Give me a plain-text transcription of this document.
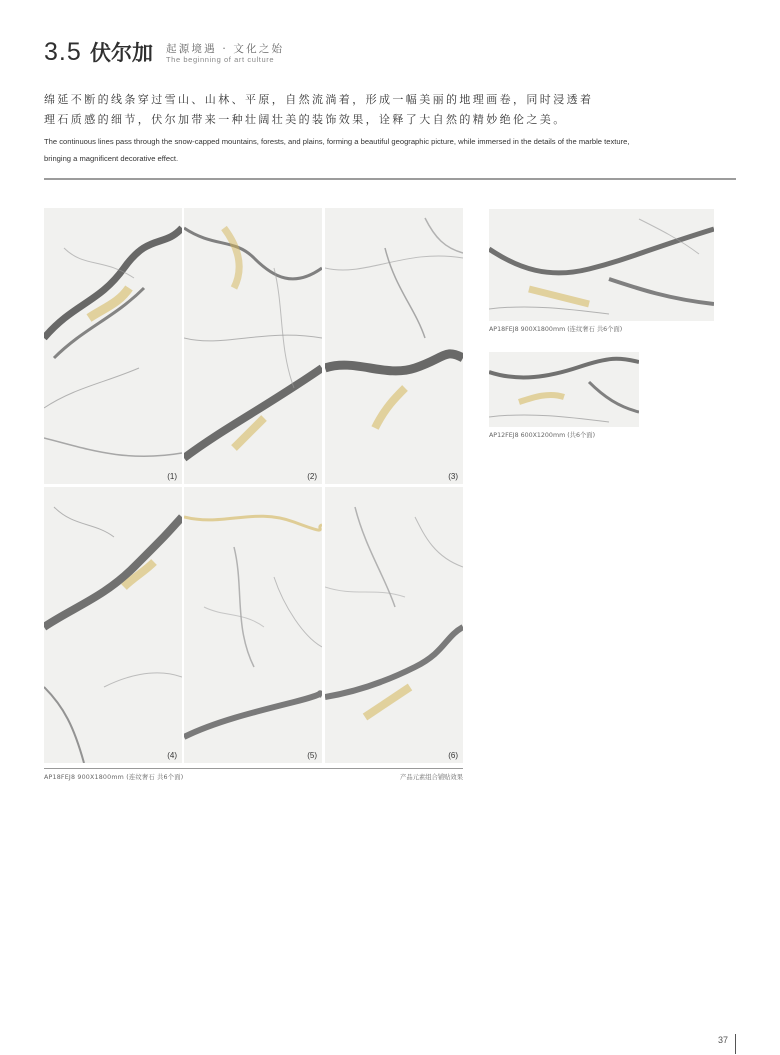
3.5 伏尔加 起源境遇 · 文化之始
The beginning of art culture
绵延不断的线条穿过雪山、山林、平原，自然流淌着，形成一幅美丽的地理画卷，同时浸透着理石质感的细节，伏尔加带来一种壮阔壮美的装饰效果，诠释了大自然的精妙绝伦之美。
The continuous lines pass through the snow-capped mountains, forests, and plains, forming a beautiful geographic picture, while immersed in the details of the marble texture, bringing a magnificent decorative effect.
(1)	(2)	(3)
(4)	(5)	(6)
AP18FEJ8 900X1800mm (连纹奢石 共6个面)	产品元素组合铺贴效果
AP18FEJ8 900X1800mm (连纹奢石 共6个面)
AP12FEJ8 600X1200mm (共6个面)
37
